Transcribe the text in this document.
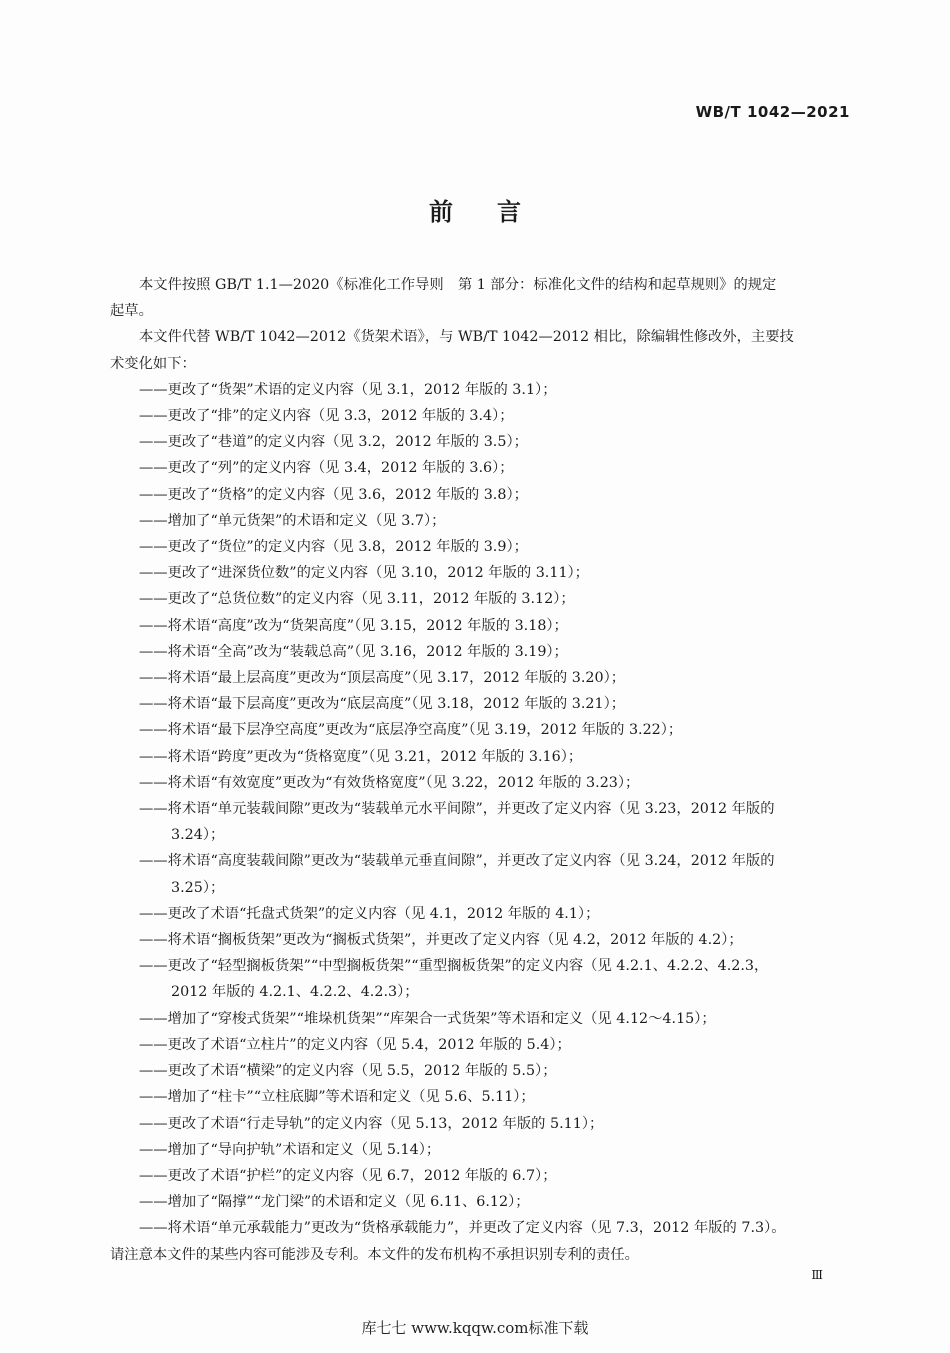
WB/T 1042—2021
前言

本文件按照 GB/T 1.1—2020《标准化工作导则　第 1 部分：标准化文件的结构和起草规则》的规定
起草。

本文件代替 WB/T 1042—2012《货架术语》，与 WB/T 1042—2012 相比，除编辑性修改外，主要技
术变化如下：

——更改了“货架”术语的定义内容（见 3.1，2012 年版的 3.1）；
——更改了“排”的定义内容（见 3.3，2012 年版的 3.4）；
——更改了“巷道”的定义内容（见 3.2，2012 年版的 3.5）；
——更改了“列”的定义内容（见 3.4，2012 年版的 3.6）；
——更改了“货格”的定义内容（见 3.6，2012 年版的 3.8）；
——增加了“单元货架”的术语和定义（见 3.7）；
——更改了“货位”的定义内容（见 3.8，2012 年版的 3.9）；
——更改了“进深货位数”的定义内容（见 3.10，2012 年版的 3.11）；
——更改了“总货位数”的定义内容（见 3.11，2012 年版的 3.12）；
——将术语“高度”改为“货架高度”（见 3.15，2012 年版的 3.18）；
——将术语“全高”改为“装载总高”（见 3.16，2012 年版的 3.19）；
——将术语“最上层高度”更改为“顶层高度”（见 3.17，2012 年版的 3.20）；
——将术语“最下层高度”更改为“底层高度”（见 3.18，2012 年版的 3.21）；
——将术语“最下层净空高度”更改为“底层净空高度”（见 3.19，2012 年版的 3.22）；
——将术语“跨度”更改为“货格宽度”（见 3.21，2012 年版的 3.16）；
——将术语“有效宽度”更改为“有效货格宽度”（见 3.22，2012 年版的 3.23）；
——将术语“单元装载间隙”更改为“装载单元水平间隙”，并更改了定义内容（见 3.23，2012 年版的
3.24）；
——将术语“高度装载间隙”更改为“装载单元垂直间隙”，并更改了定义内容（见 3.24，2012 年版的
3.25）；
——更改了术语“托盘式货架”的定义内容（见 4.1，2012 年版的 4.1）；
——将术语“搁板货架”更改为“搁板式货架”，并更改了定义内容（见 4.2，2012 年版的 4.2）；
——更改了“轻型搁板货架”“中型搁板货架”“重型搁板货架”的定义内容（见 4.2.1、4.2.2、4.2.3，
2012 年版的 4.2.1、4.2.2、4.2.3）；
——增加了“穿梭式货架”“堆垛机货架”“库架合一式货架”等术语和定义（见 4.12～4.15）；
——更改了术语“立柱片”的定义内容（见 5.4，2012 年版的 5.4）；
——更改了术语“横梁”的定义内容（见 5.5，2012 年版的 5.5）；
——增加了“柱卡”“立柱底脚”等术语和定义（见 5.6、5.11）；
——更改了术语“行走导轨”的定义内容（见 5.13，2012 年版的 5.11）；
——增加了“导向护轨”术语和定义（见 5.14）；
——更改了术语“护栏”的定义内容（见 6.7，2012 年版的 6.7）；
——增加了“隔撑”“龙门梁”的术语和定义（见 6.11、6.12）；
——将术语“单元承载能力”更改为“货格承载能力”，并更改了定义内容（见 7.3，2012 年版的 7.3）。
请注意本文件的某些内容可能涉及专利。本文件的发布机构不承担识别专利的责任。
Ⅲ
库七七 www.kqqw.com标准下载
